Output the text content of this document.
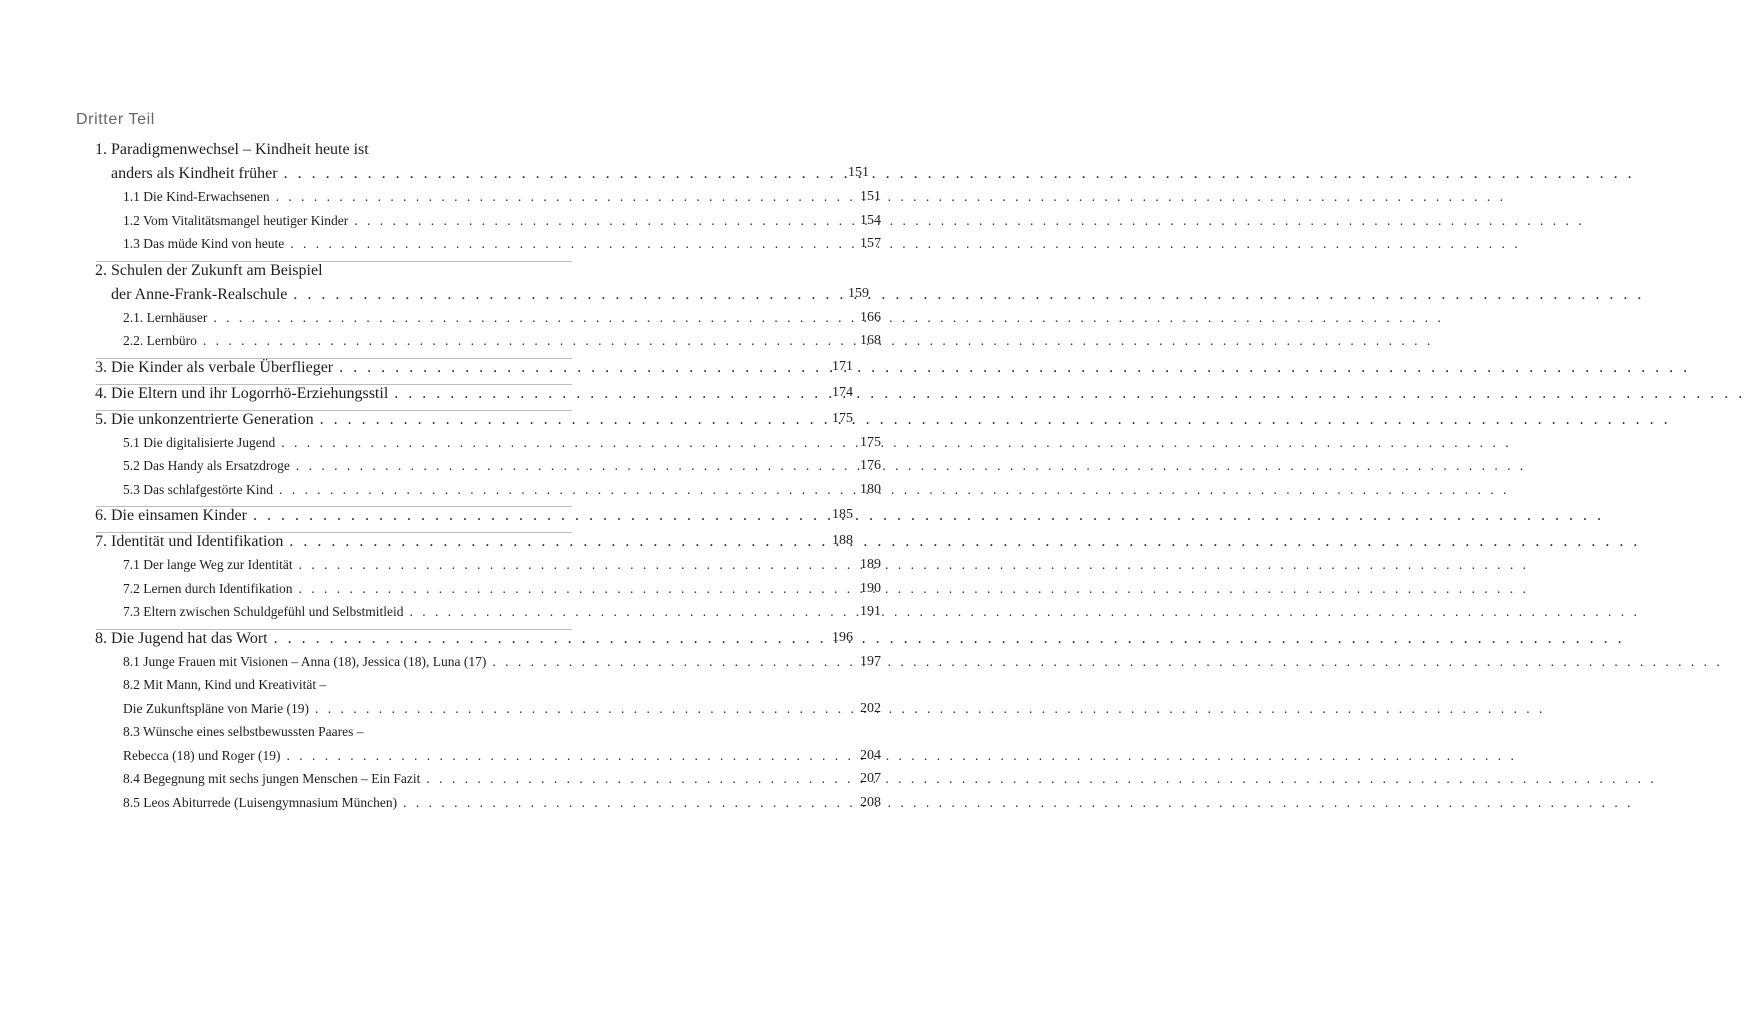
Dritter Teil
1. Paradigmenwechsel – Kindheit heute ist
anders als Kindheit früher . . .	151
1.1 Die Kind-Erwachsenen . . .	151
1.2 Vom Vitalitätsmangel heutiger Kinder . . .	154
1.3 Das müde Kind von heute . . .	157
2. Schulen der Zukunft am Beispiel
der Anne-Frank-Realschule . . .	159
2.1. Lernhäuser . . .	166
2.2. Lernbüro . . .	168
3. Die Kinder als verbale Überflieger . . .	171
4. Die Eltern und ihr Logorrhö-Erziehungsstil . . .	174
5. Die unkonzentrierte Generation . . .	175
5.1 Die digitalisierte Jugend . . .	175
5.2 Das Handy als Ersatzdroge . . .	176
5.3 Das schlafgestörte Kind . . .	180
6. Die einsamen Kinder . . .	185
7. Identität und Identifikation . . .	188
7.1 Der lange Weg zur Identität . . .	189
7.2 Lernen durch Identifikation . . .	190
7.3 Eltern zwischen Schuldgefühl und Selbstmitleid . . .	191
8. Die Jugend hat das Wort . . .	196
8.1 Junge Frauen mit Visionen – Anna (18), Jessica (18), Luna (17) . . .	197
8.2 Mit Mann, Kind und Kreativität –
Die Zukunftspläne von Marie (19) . . .	202
8.3 Wünsche eines selbstbewussten Paares –
Rebecca (18) und Roger (19) . . .	204
8.4 Begegnung mit sechs jungen Menschen – Ein Fazit . . .	207
8.5 Leos Abiturrede (Luisengymnasium München) . . .	208
